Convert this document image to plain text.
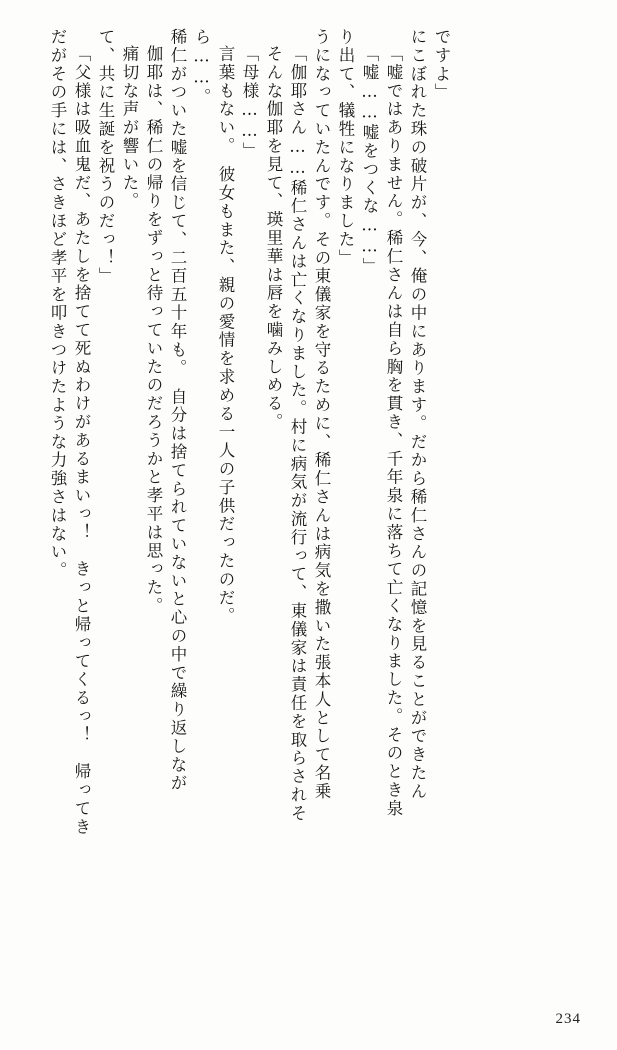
だがその手には、さきほど孝平を叩きつけたような力強さはない。 「父様は吸血鬼だ、あたしを捨てて死ぬわけがあるまいっ！　きっと帰ってくるっ！　帰ってき て、共に生誕を祝うのだっ！」 痛切な声が響いた。 伽耶は、稀仁の帰りをずっと待っていたのだろうかと孝平は思った。 稀仁がついた嘘を信じて、二百五十年も。　自分は捨てられていないと心の中で繰り返しなが ら……。 言葉もない。　彼女もまた、親の愛情を求める一人の子供だったのだ。 「母様……」 そんな伽耶を見て、瑛里華は唇を噛みしめる。 「伽耶さん……稀仁さんは亡くなりました。村に病気が流行って、東儀家は責任を取らされそ うになっていたんです。その東儀家を守るために、稀仁さんは病気を撒いた張本人として名乗 り出て、犠牲になりました」 「嘘……嘘をつくな……」 「嘘ではありません。稀仁さんは自ら胸を貫き、千年泉に落ちて亡くなりました。そのとき泉 にこぼれた珠の破片が、今、俺の中にあります。だから稀仁さんの記憶を見ることができたん ですよ」
234
